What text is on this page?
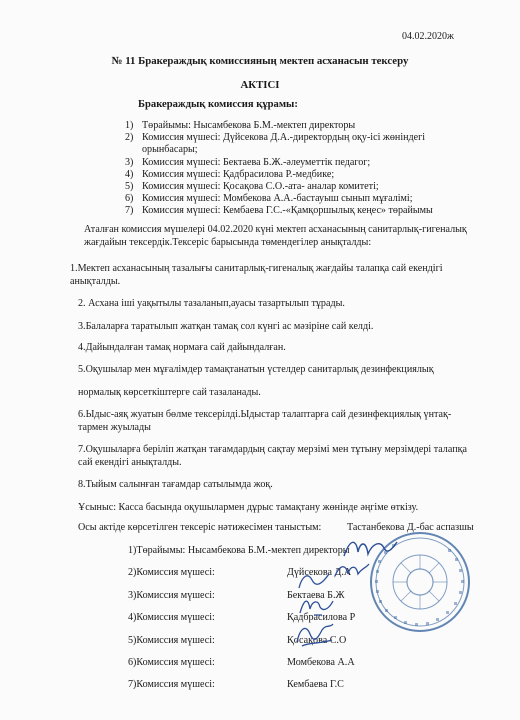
04.02.2020ж
№ 11 Бракераждық комиссияның мектеп асханасын тексеру
АКТІСІ
Бракераждық комиссия құрамы:
1) Төрайымы: Нысамбекова Б.М.-мектеп директоры
2) Комиссия мүшесі: Дүйсекова Д.А.-директордың оқу-ісі жөніндегі орынбасары;
3) Комиссия мүшесі: Бектаева Б.Ж.-әлеуметтік педагог;
4) Комиссия мүшесі: Қадбрасилова Р.-медбике;
5) Комиссия мүшесі: Қосақова С.О.-ата- аналар комитеті;
6) Комиссия мүшесі: Момбекова А.А.-бастауыш сынып мұғалімі;
7) Комиссия мүшесі: Кембаева Г.С.-«Қамқоршылық кеңес» төрайымы
Аталған комиссия мүшелері 04.02.2020 күні мектеп асханасының санитарлық-гигеналық жағдайын тексердік.Тексеріс барысында төмендегілер анықталды:
1.Мектеп асханасының тазалығы санитарлық-гигеналық жағдайы талапқа сай екендігі анықталды.
2. Асхана іші уақытылы тазаланып,ауасы тазартылып тұрады.
3.Балаларға таратылып жатқан тамақ сол күнгі ас мәзіріне сай келді.
4.Дайындалған тамақ нормаға сай дайындалған.
5.Оқушылар мен мұғалімдер тамақтанатын үстелдер санитарлық дезинфекциялық
нормалық көрсеткіштерге сай тазаланады.
6.Ыдыс-аяқ жуатын бөлме тексерілді.Ыдыстар талаптарға сай дезинфекциялық үнтақ-тармен жуылады
7.Оқушыларға беріліп жатқан тағамдардың сақтау мерзімі мен тұтыну мерзімдері талапқа сай екендігі анықталды.
8.Тыйым салынған тағамдар сатылымда жоқ.
Ұсыныс: Касса басында оқушылармен дұрыс тамақтану жөнінде әңгіме өткізу.
Осы актіде көрсетілген тексеріс нәтижесімен таныстым:	Тастанбекова Д.-бас аспазшы
1)Төрайымы: Нысамбекова Б.М.-мектеп директоры
2)Комиссия мүшесі:	Дүйсекова Д.А
3)Комиссия мүшесі:	Бектаева Б.Ж
4)Комиссия мүшесі:	Қадбрасилова Р
5)Комиссия мүшесі:	Қосақова С.О
6)Комиссия мүшесі:	Момбекова А.А
7)Комиссия мүшесі:	Кембаева Г.С
